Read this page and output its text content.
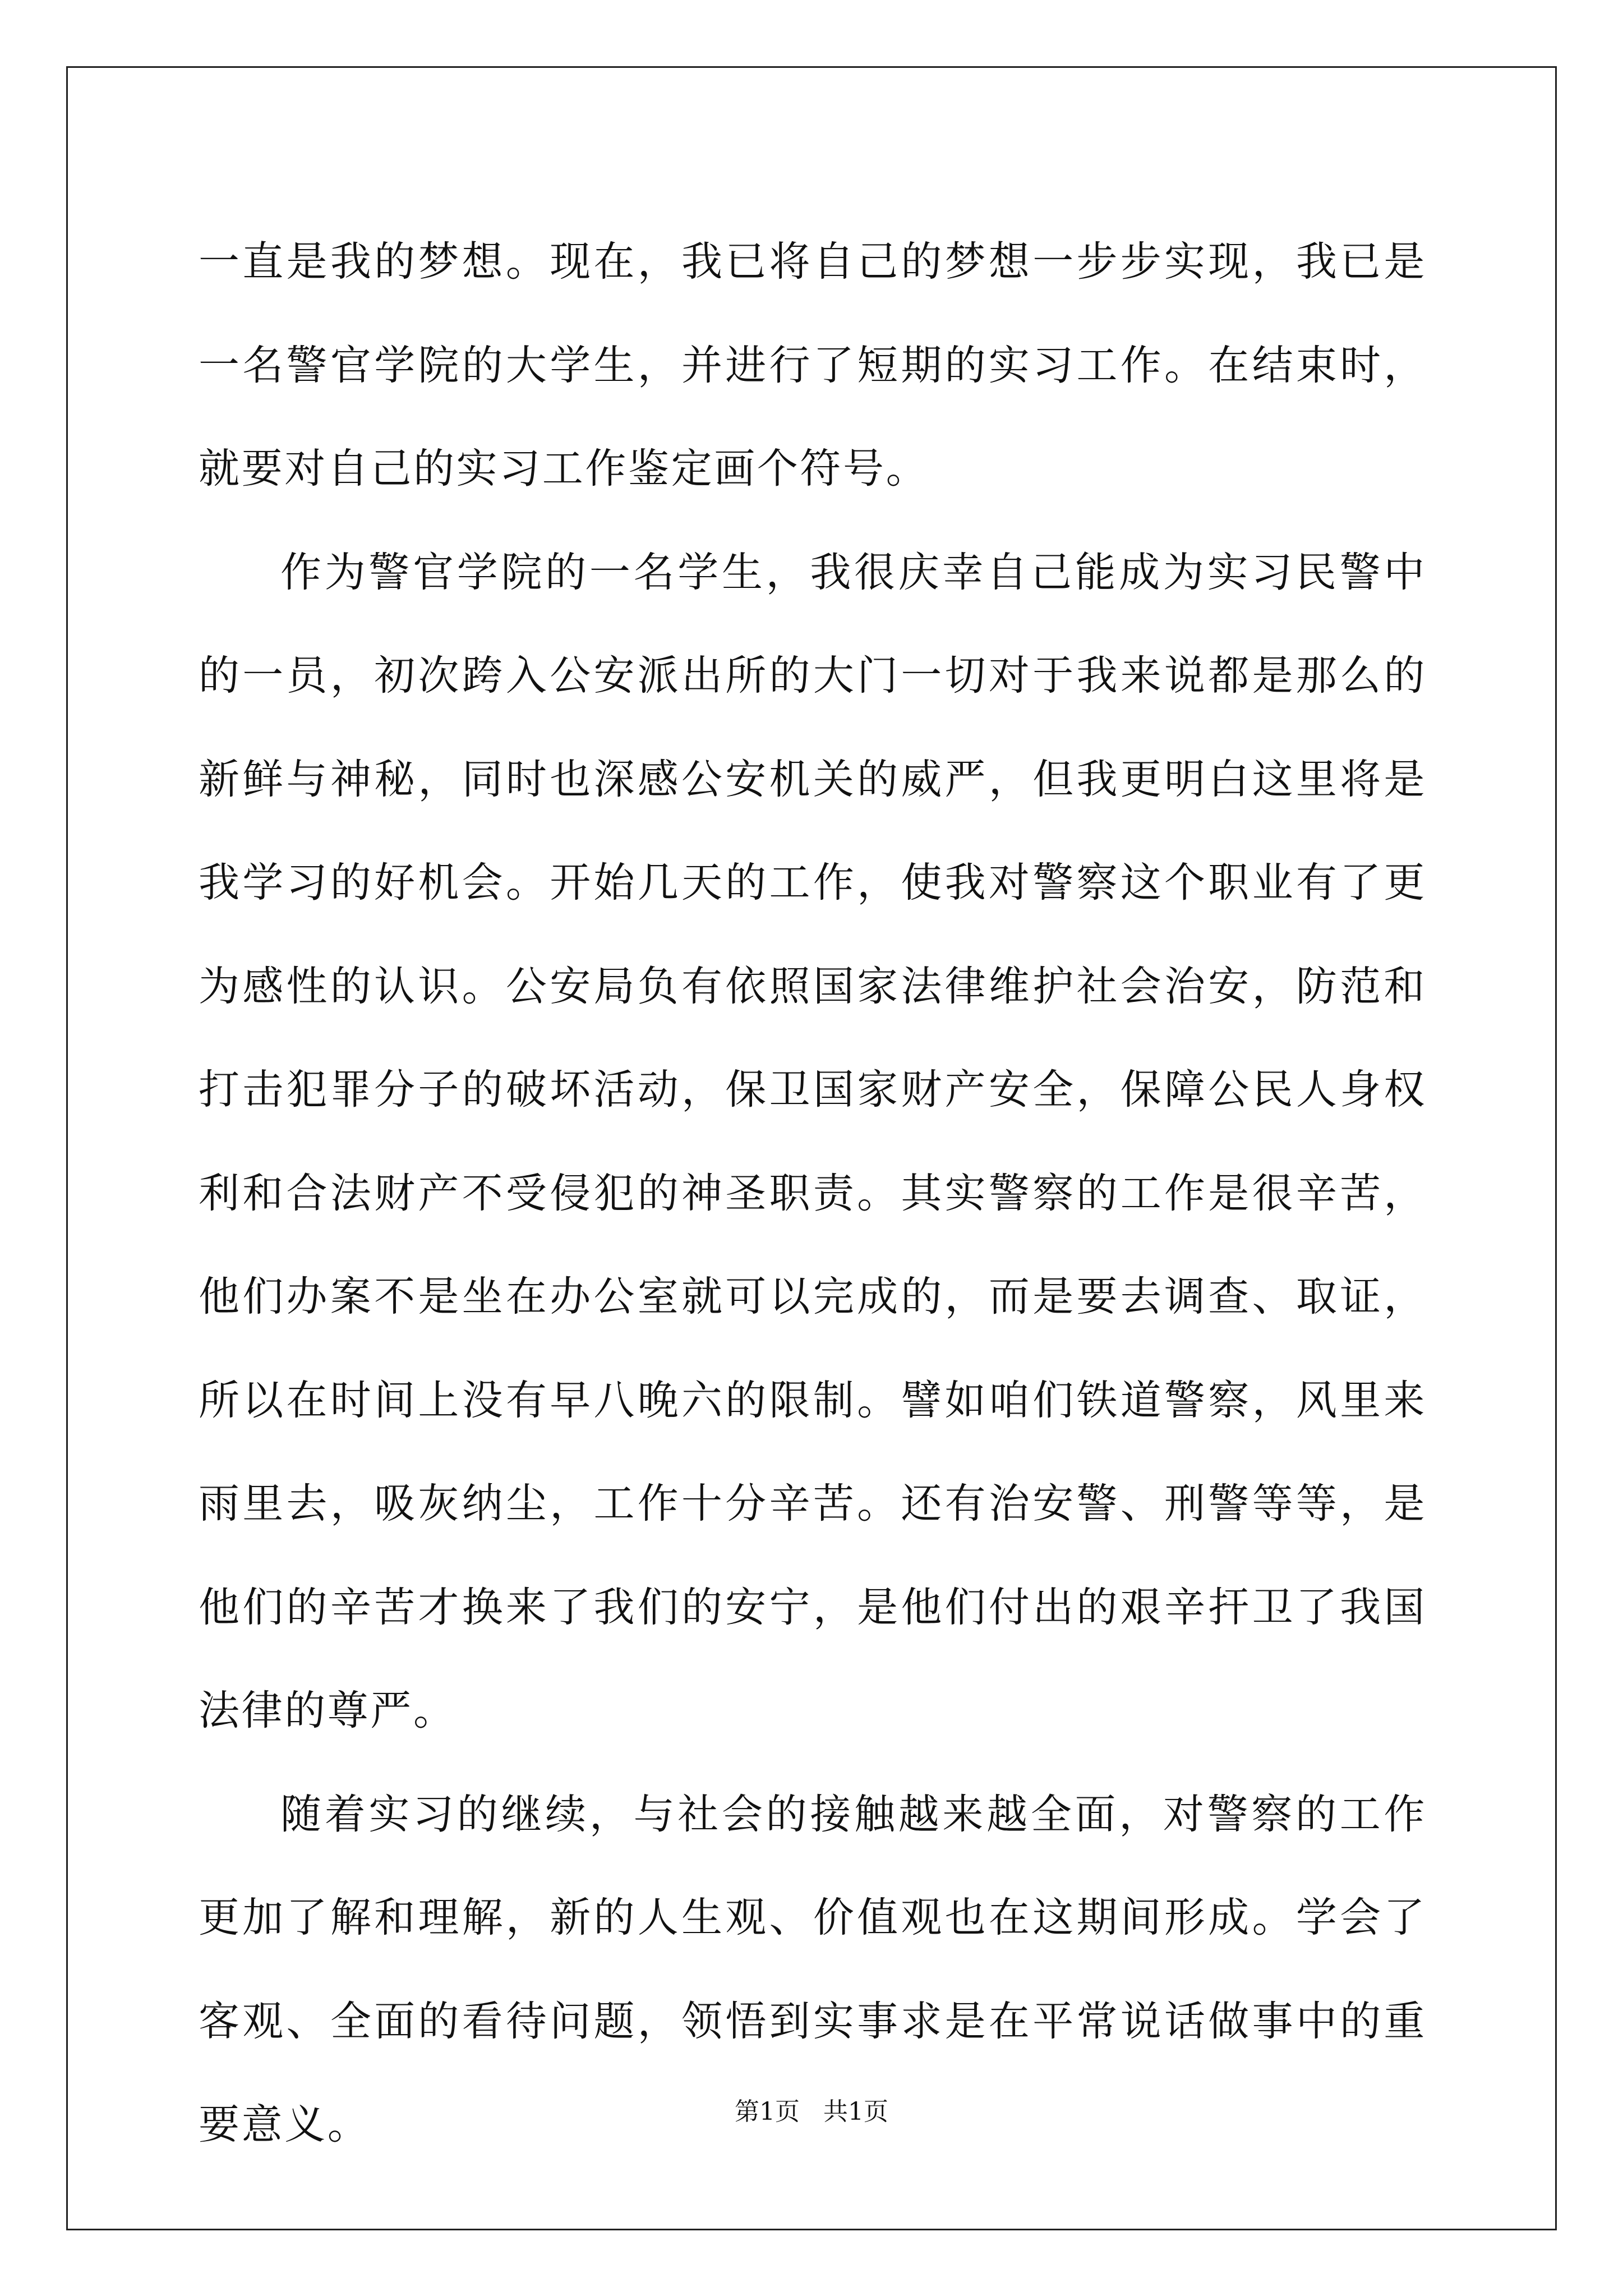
一直是我的梦想。现在，我已将自己的梦想一步步实现，我已是一名警官学院的大学生，并进行了短期的实习工作。在结束时，就要对自己的实习工作鉴定画个符号。

作为警官学院的一名学生，我很庆幸自己能成为实习民警中的一员，初次跨入公安派出所的大门一切对于我来说都是那么的新鲜与神秘，同时也深感公安机关的威严，但我更明白这里将是我学习的好机会。开始几天的工作，使我对警察这个职业有了更为感性的认识。公安局负有依照国家法律维护社会治安，防范和打击犯罪分子的破坏活动，保卫国家财产安全，保障公民人身权利和合法财产不受侵犯的神圣职责。其实警察的工作是很辛苦，他们办案不是坐在办公室就可以完成的，而是要去调查、取证，所以在时间上没有早八晚六的限制。譬如咱们铁道警察，风里来雨里去，吸灰纳尘，工作十分辛苦。还有治安警、刑警等等，是他们的辛苦才换来了我们的安宁，是他们付出的艰辛扞卫了我国法律的尊严。

随着实习的继续，与社会的接触越来越全面，对警察的工作更加了解和理解，新的人生观、价值观也在这期间形成。学会了客观、全面的看待问题，领悟到实事求是在平常说话做事中的重要意义。	第1页   共1页
